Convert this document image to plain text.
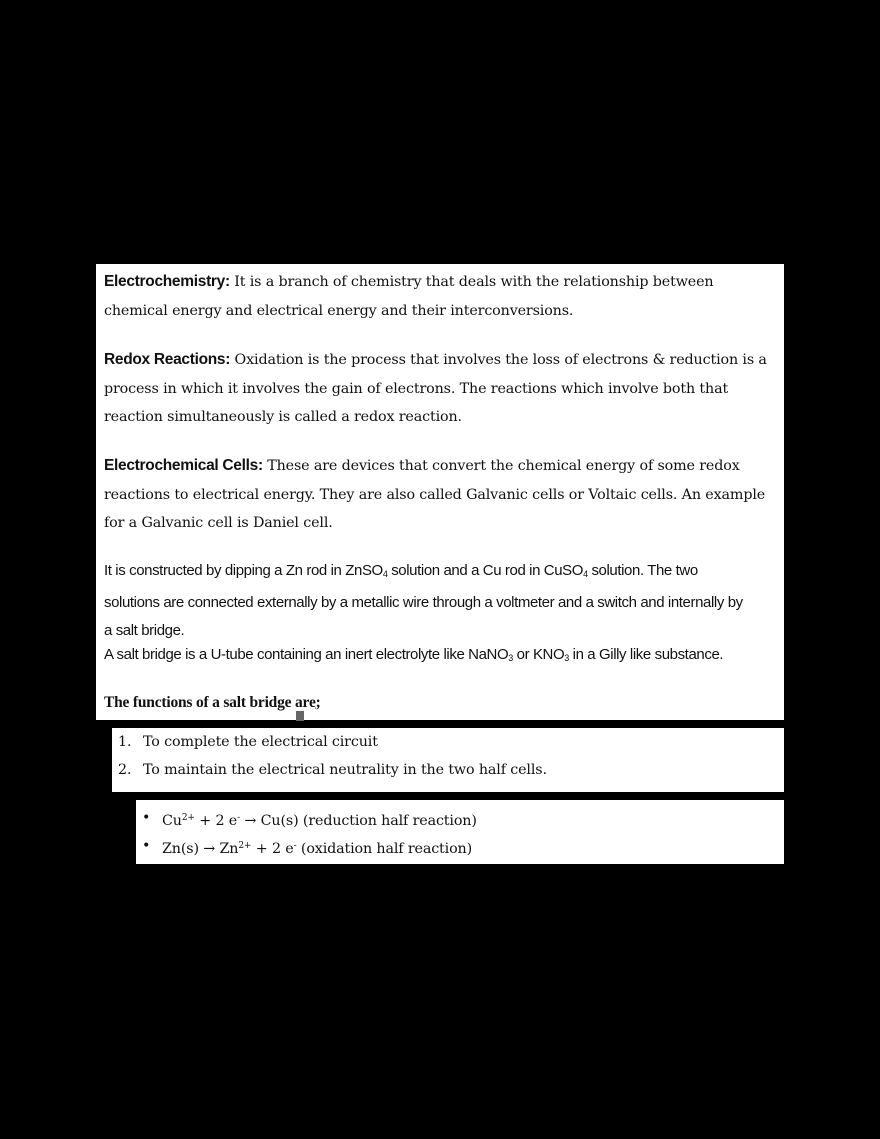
Electrochemistry: It is a branch of chemistry that deals with the relationship between chemical energy and electrical energy and their interconversions.
Redox Reactions: Oxidation is the process that involves the loss of electrons & reduction is a process in which it involves the gain of electrons. The reactions which involve both that reaction simultaneously is called a redox reaction.
Electrochemical Cells: These are devices that convert the chemical energy of some redox reactions to electrical energy. They are also called Galvanic cells or Voltaic cells. An example for a Galvanic cell is Daniel cell.
It is constructed by dipping a Zn rod in ZnSO$_4$ solution and a Cu rod in CuSO$_4$ solution. The two solutions are connected externally by a metallic wire through a voltmeter and a switch and internally by a salt bridge.
A salt bridge is a U-tube containing an inert electrolyte like NaNO$_3$ or $KNO_3$ in a Gilly like substance.
The functions of a salt bridge are;
1. To complete the electrical circuit
2. To maintain the electrical neutrality in the two half cells.
• $Cu^{2+} + 2$ e- → Cu(s) (reduction half reaction)
• $Zn(s) \to Zn^{2+} + 2$ e- (oxidation half reaction)
